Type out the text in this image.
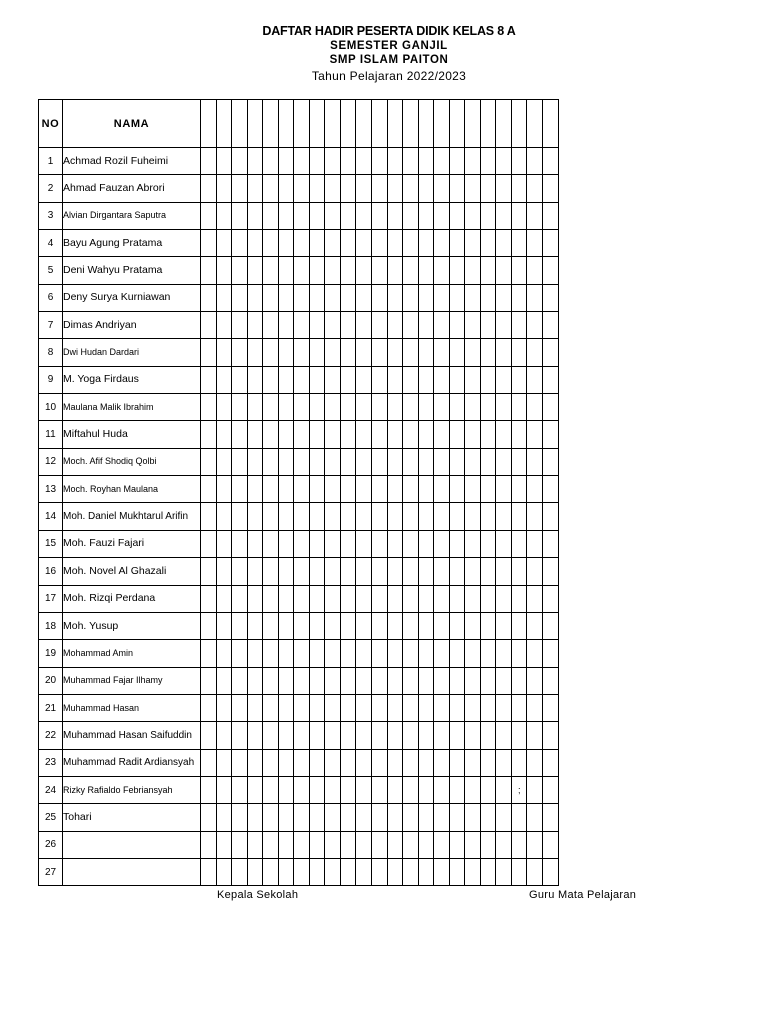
DAFTAR HADIR PESERTA DIDIK KELAS 8 A
SEMESTER GANJIL
SMP ISLAM PAITON
Tahun Pelajaran 2022/2023
NO	NAMA																							
1	Achmad Rozil Fuheimi																							
2	Ahmad Fauzan Abrori																							
3	Alvian Dirgantara Saputra																							
4	Bayu Agung Pratama																							
5	Deni Wahyu Pratama																							
6	Deny Surya Kurniawan																							
7	Dimas Andriyan																							
8	Dwi Hudan Dardari																							
9	M. Yoga Firdaus																							
10	Maulana Malik Ibrahim																							
11	Miftahul Huda																							
12	Moch. Afif Shodiq Qolbi																							
13	Moch. Royhan Maulana																							
14	Moh. Daniel Mukhtarul Arifin																							
15	Moh. Fauzi Fajari																							
16	Moh. Novel Al Ghazali																							
17	Moh. Rizqi Perdana																							
18	Moh. Yusup																							
19	Mohammad Amin																							
20	Muhammad Fajar Ilhamy																							
21	Muhammad Hasan																							
22	Muhammad Hasan Saifuddin																							
23	Muhammad Radit Ardiansyah																							
24	Rizky Rafialdo Febriansyah																					;		

25	Tohari																							
26																								
27																								
Kepala Sekolah	Guru Mata Pelajaran
